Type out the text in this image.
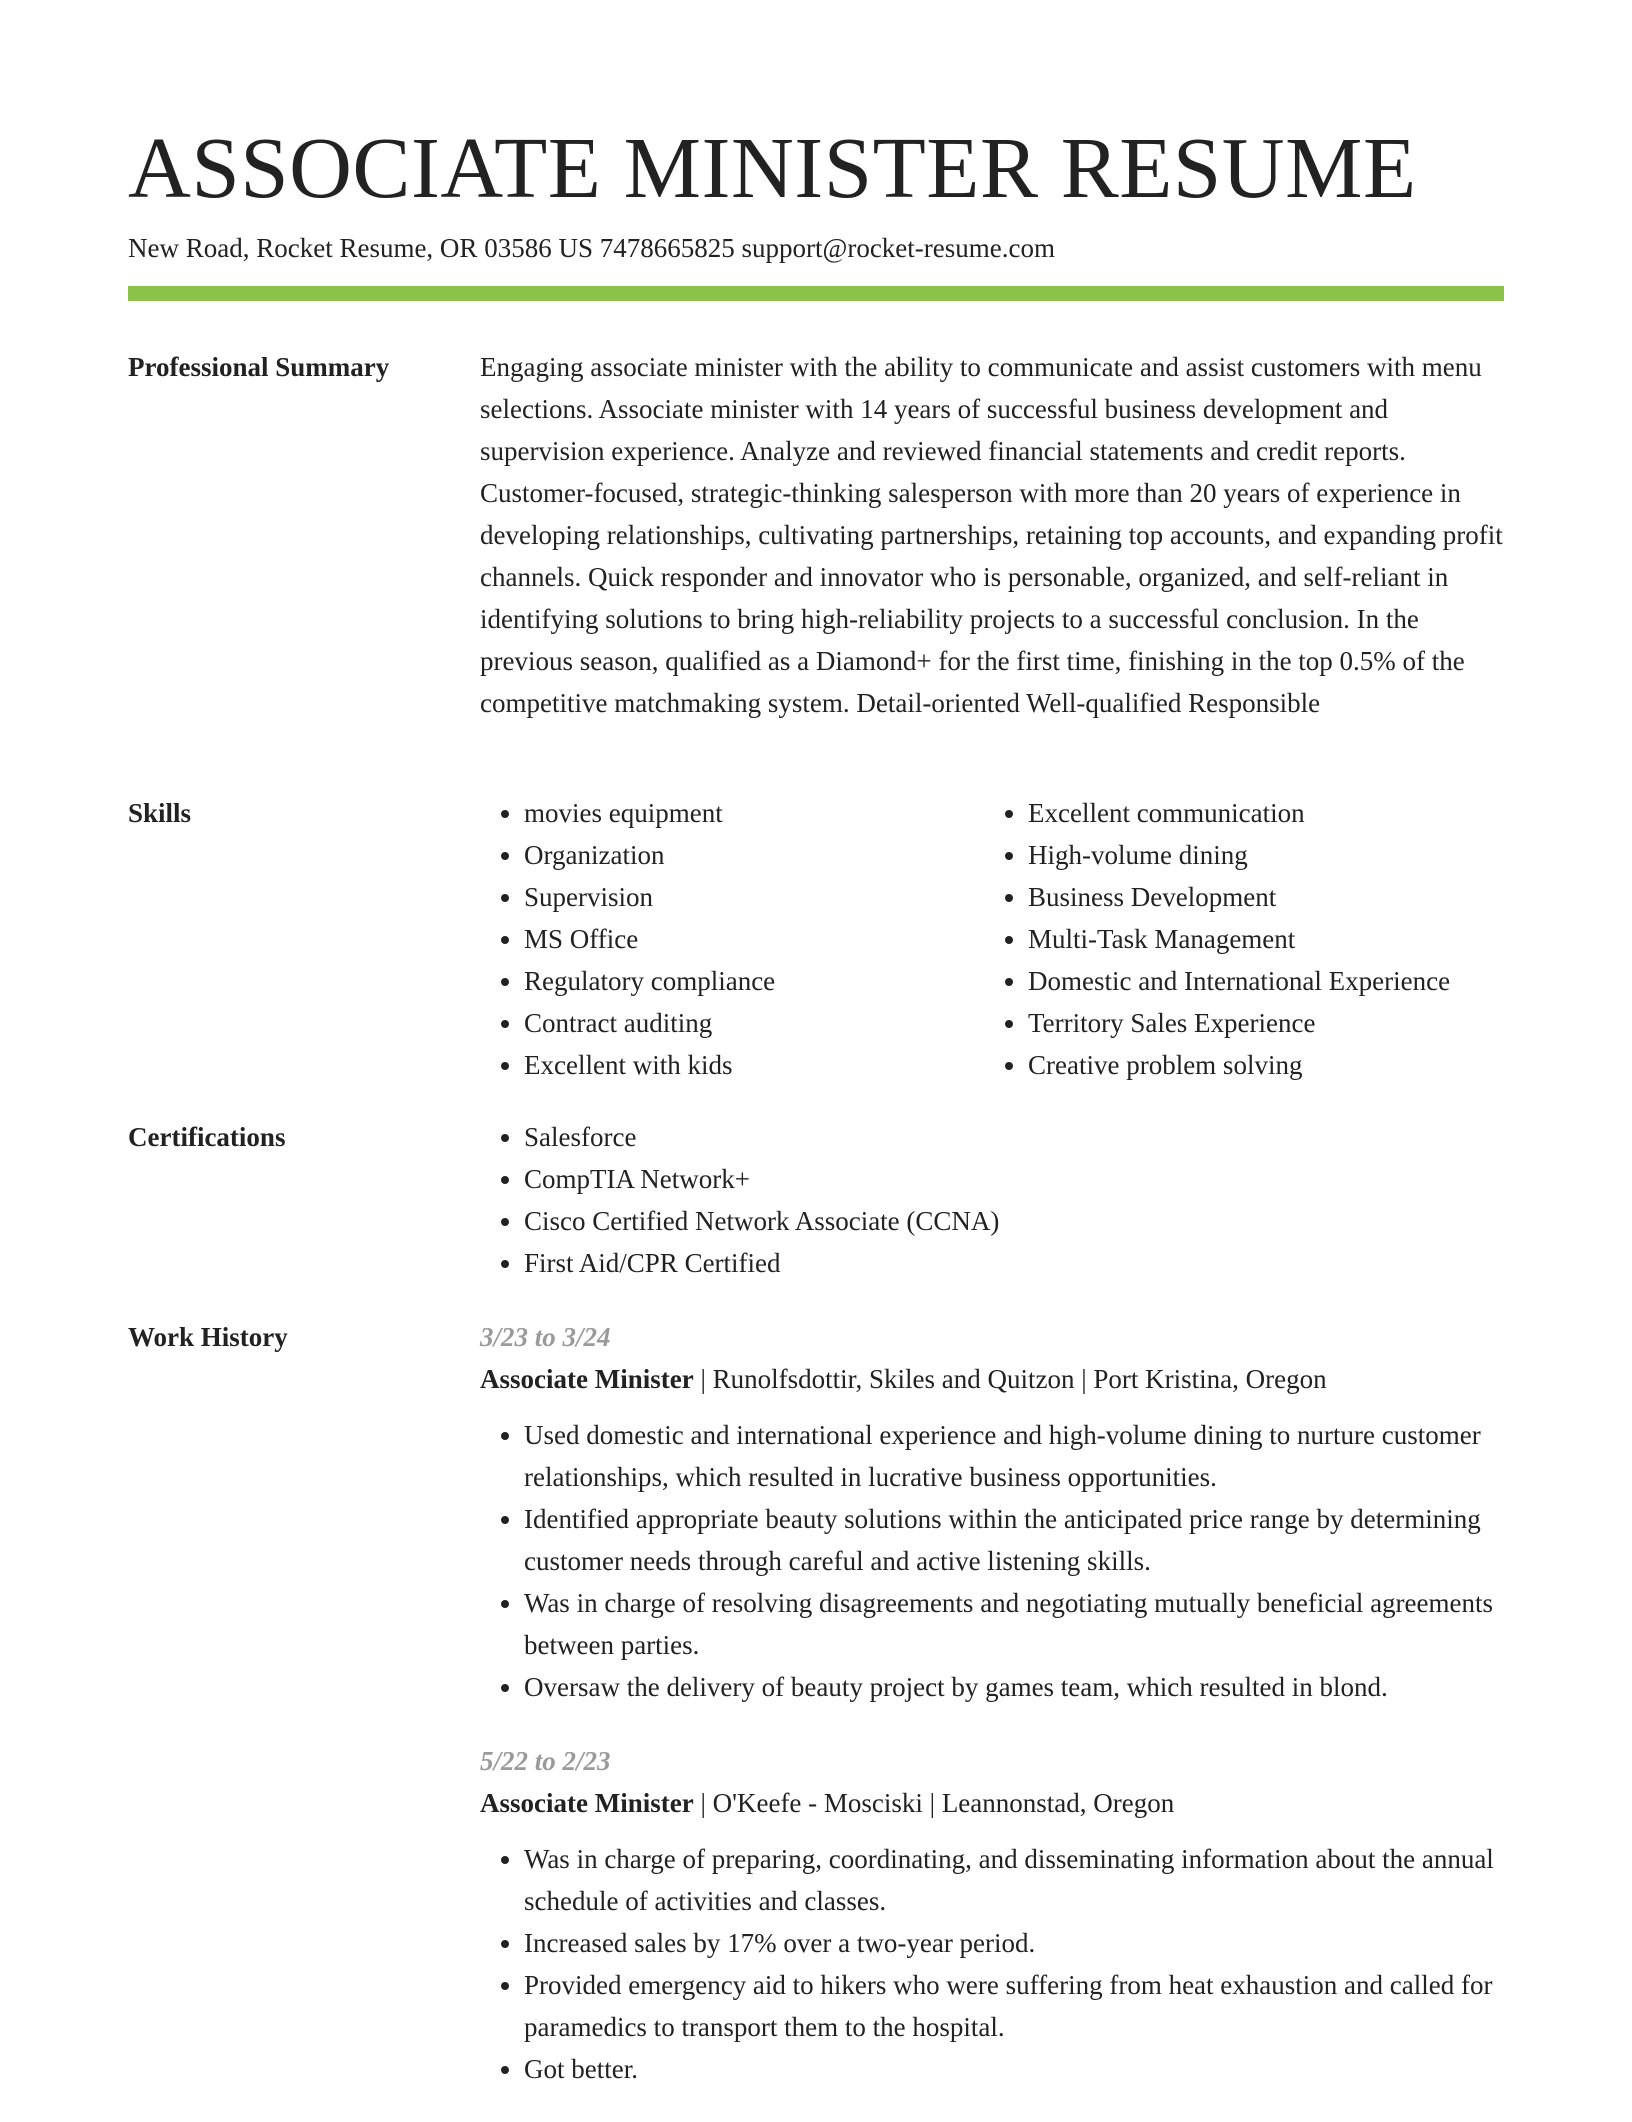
ASSOCIATE MINISTER RESUME
New Road, Rocket Resume, OR 03586 US 7478665825 support@rocket-resume.com
Professional Summary	Engaging associate minister with the ability to communicate and assist customers with menu selections. Associate minister with 14 years of successful business development and supervision experience. Analyze and reviewed financial statements and credit reports. Customer-focused, strategic-thinking salesperson with more than 20 years of experience in developing relationships, cultivating partnerships, retaining top accounts, and expanding profit channels. Quick responder and innovator who is personable, organized, and self-reliant in identifying solutions to bring high-reliability projects to a successful conclusion. In the previous season, qualified as a Diamond+ for the first time, finishing in the top 0.5% of the competitive matchmaking system. Detail-oriented Well-qualified Responsible

Skills	• movies equipment
• Organization
• Supervision
• MS Office
• Regulatory compliance
• Contract auditing
• Excellent with kids
• Excellent communication
• High-volume dining
• Business Development
• Multi-Task Management
• Domestic and International Experience
• Territory Sales Experience
• Creative problem solving
Certifications	• Salesforce
• CompTIA Network+
• Cisco Certified Network Associate (CCNA)
• First Aid/CPR Certified
Work History	3/23 to 3/24
Associate Minister | Runolfsdottir, Skiles and Quitzon | Port Kristina, Oregon
• Used domestic and international experience and high-volume dining to nurture customer relationships, which resulted in lucrative business opportunities.
• Identified appropriate beauty solutions within the anticipated price range by determining customer needs through careful and active listening skills.
• Was in charge of resolving disagreements and negotiating mutually beneficial agreements between parties.
• Oversaw the delivery of beauty project by games team, which resulted in blond.
5/22 to 2/23
Associate Minister | O'Keefe - Mosciski | Leannonstad, Oregon
• Was in charge of preparing, coordinating, and disseminating information about the annual schedule of activities and classes.
• Increased sales by 17% over a two-year period.
• Provided emergency aid to hikers who were suffering from heat exhaustion and called for paramedics to transport them to the hospital.
• Got better.
